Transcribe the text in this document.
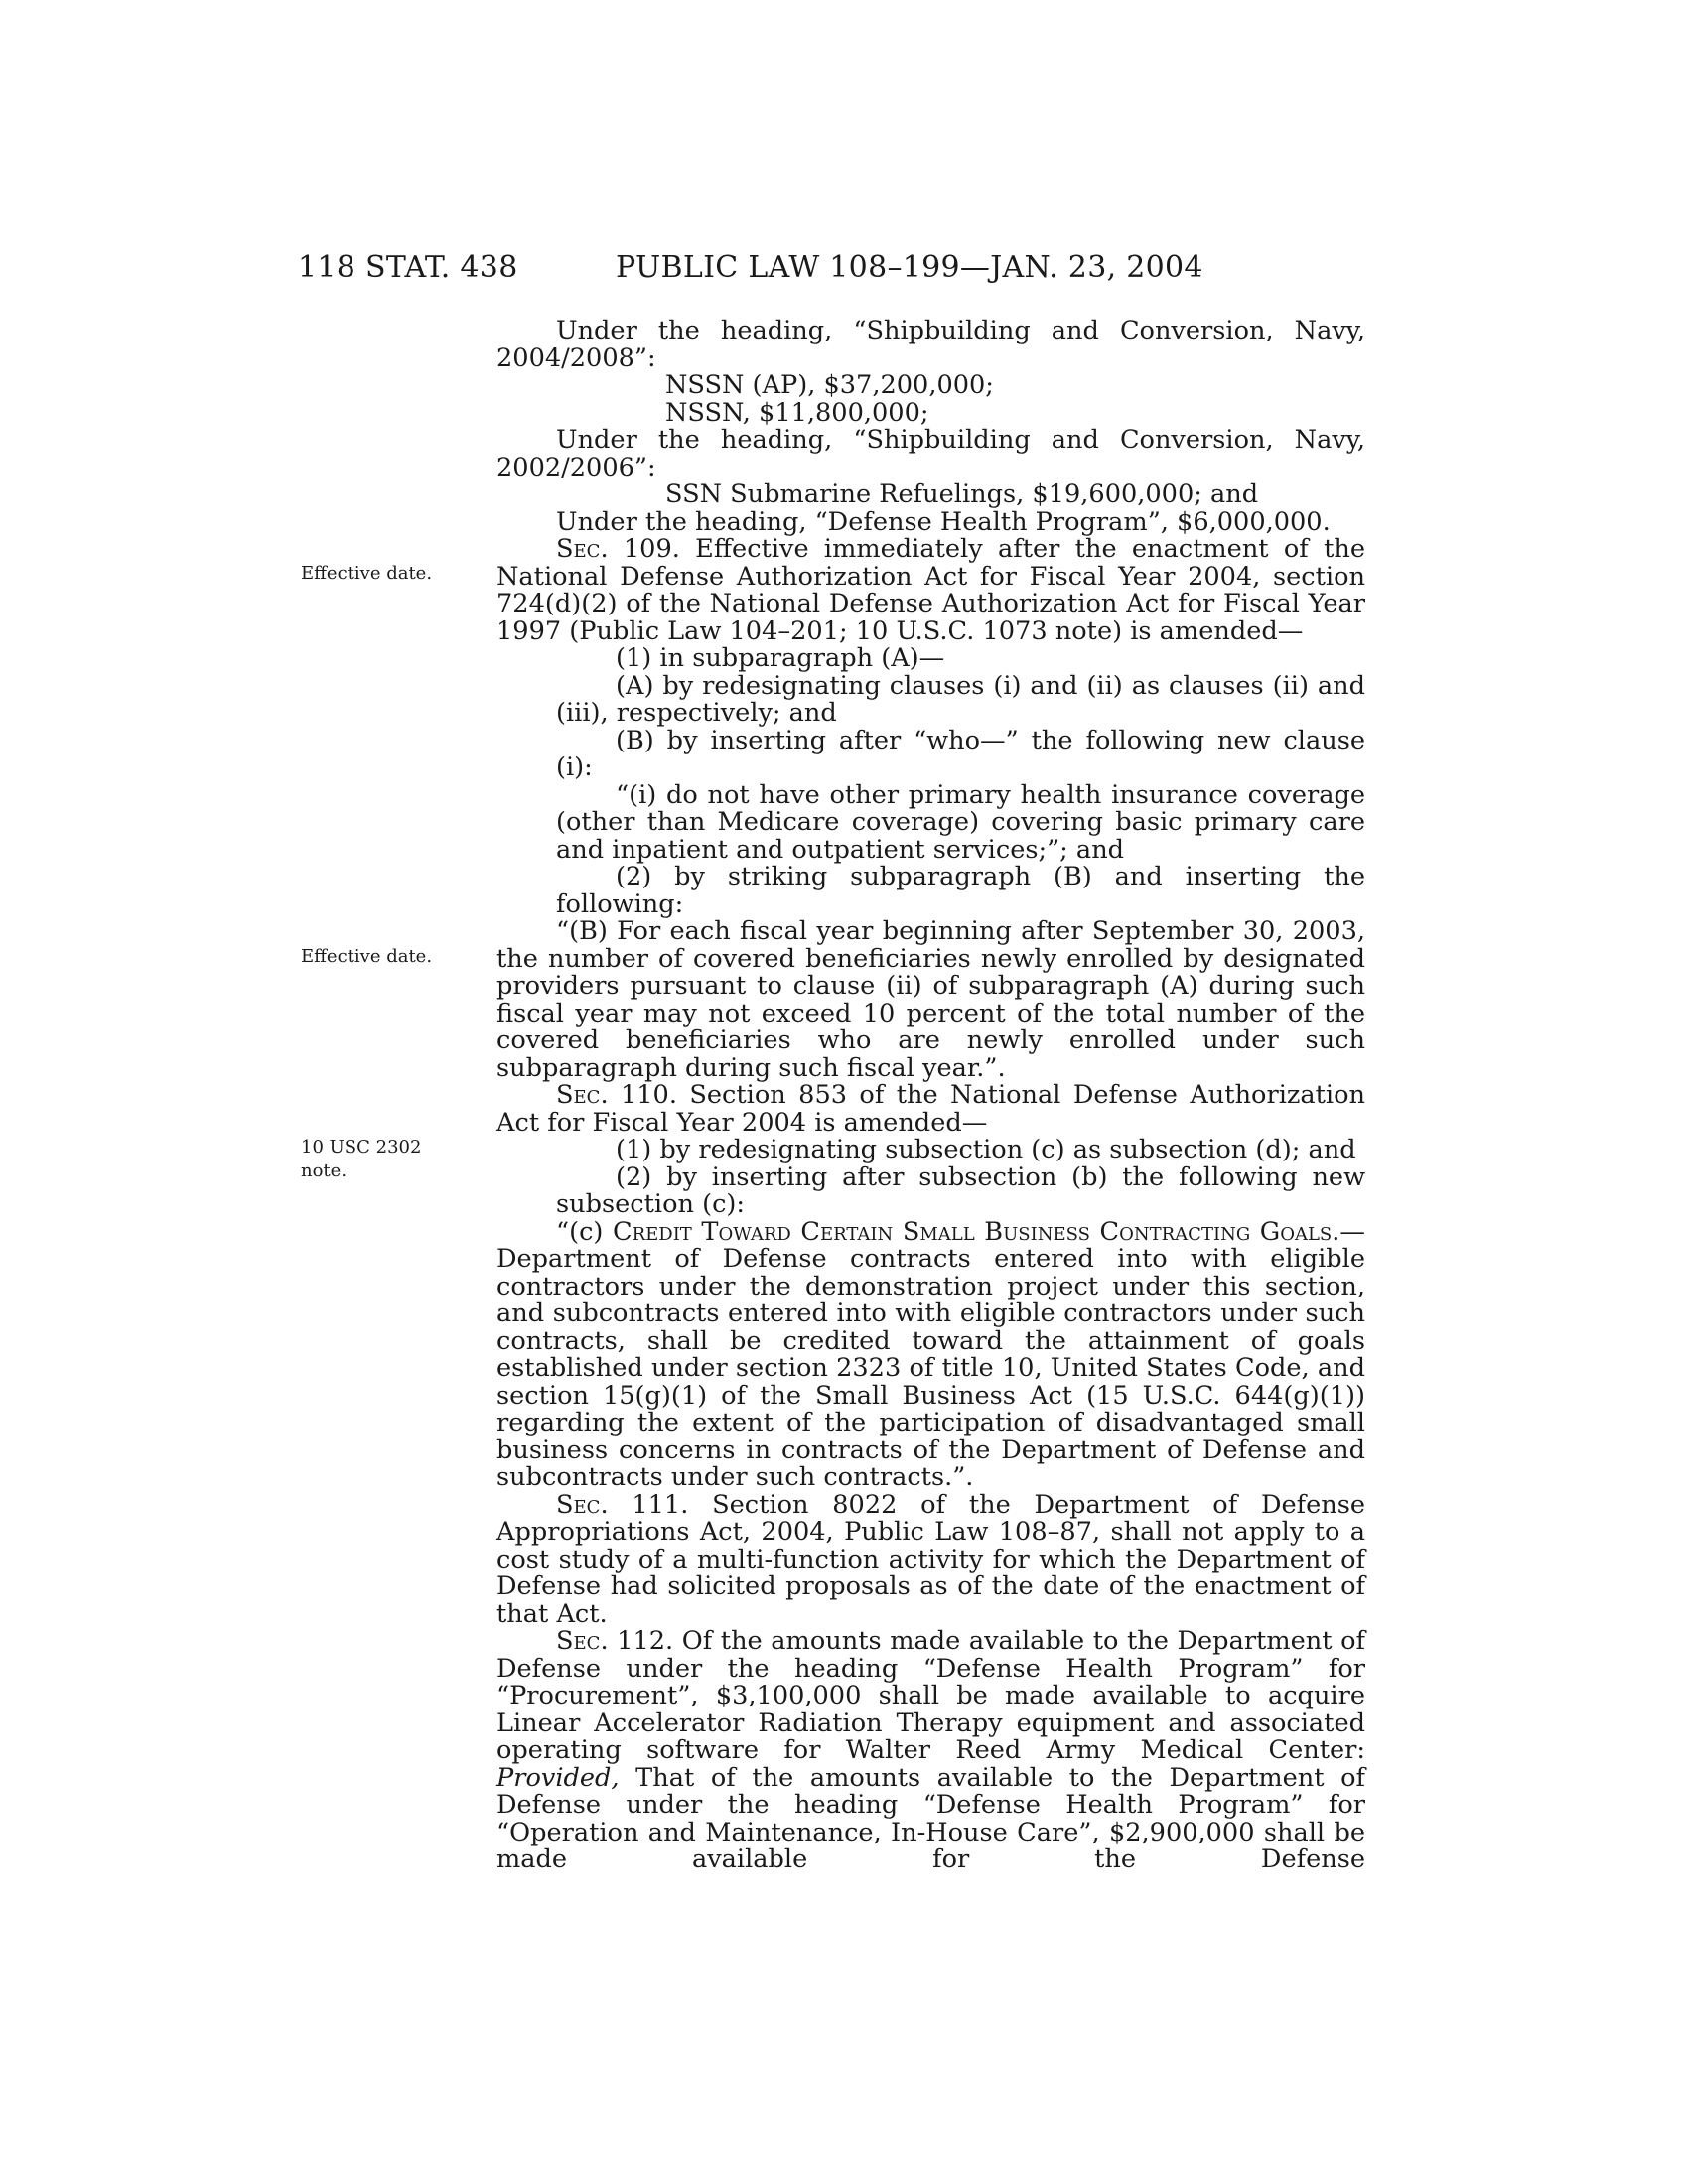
118 STAT. 438	PUBLIC LAW 108–199—JAN. 23, 2004
Effective date.
Effective date.
10 USC 2302 note.
Under the heading, “Shipbuilding and Conversion, Navy, 2004/2008”:
NSSN (AP), $37,200,000;
NSSN, $11,800,000;
Under the heading, “Shipbuilding and Conversion, Navy, 2002/2006”:
SSN Submarine Refuelings, $19,600,000; and
Under the heading, “Defense Health Program”, $6,000,000.
Sec. 109. Effective immediately after the enactment of the National Defense Authorization Act for Fiscal Year 2004, section 724(d)(2) of the National Defense Authorization Act for Fiscal Year 1997 (Public Law 104–201; 10 U.S.C. 1073 note) is amended—
(1) in subparagraph (A)—
(A) by redesignating clauses (i) and (ii) as clauses (ii) and (iii), respectively; and
(B) by inserting after “who—” the following new clause (i):
“(i) do not have other primary health insurance coverage (other than Medicare coverage) covering basic primary care and inpatient and outpatient services;”; and
(2) by striking subparagraph (B) and inserting the following:
“(B) For each fiscal year beginning after September 30, 2003, the number of covered beneficiaries newly enrolled by designated providers pursuant to clause (ii) of subparagraph (A) during such fiscal year may not exceed 10 percent of the total number of the covered beneficiaries who are newly enrolled under such subparagraph during such fiscal year.”.
Sec. 110. Section 853 of the National Defense Authorization Act for Fiscal Year 2004 is amended—
(1) by redesignating subsection (c) as subsection (d); and
(2) by inserting after subsection (b) the following new subsection (c):
“(c) Credit Toward Certain Small Business Contracting Goals.—Department of Defense contracts entered into with eligible contractors under the demonstration project under this section, and subcontracts entered into with eligible contractors under such contracts, shall be credited toward the attainment of goals established under section 2323 of title 10, United States Code, and section 15(g)(1) of the Small Business Act (15 U.S.C. 644(g)(1)) regarding the extent of the participation of disadvantaged small business concerns in contracts of the Department of Defense and subcontracts under such contracts.”.
Sec. 111. Section 8022 of the Department of Defense Appropriations Act, 2004, Public Law 108–87, shall not apply to a cost study of a multi-function activity for which the Department of Defense had solicited proposals as of the date of the enactment of that Act.
Sec. 112. Of the amounts made available to the Department of Defense under the heading “Defense Health Program” for “Procurement”, $3,100,000 shall be made available to acquire Linear Accelerator Radiation Therapy equipment and associated operating software for Walter Reed Army Medical Center: Provided, That of the amounts available to the Department of Defense under the heading “Defense Health Program” for “Operation and Maintenance, In-House Care”, $2,900,000 shall be made available for the Defense
